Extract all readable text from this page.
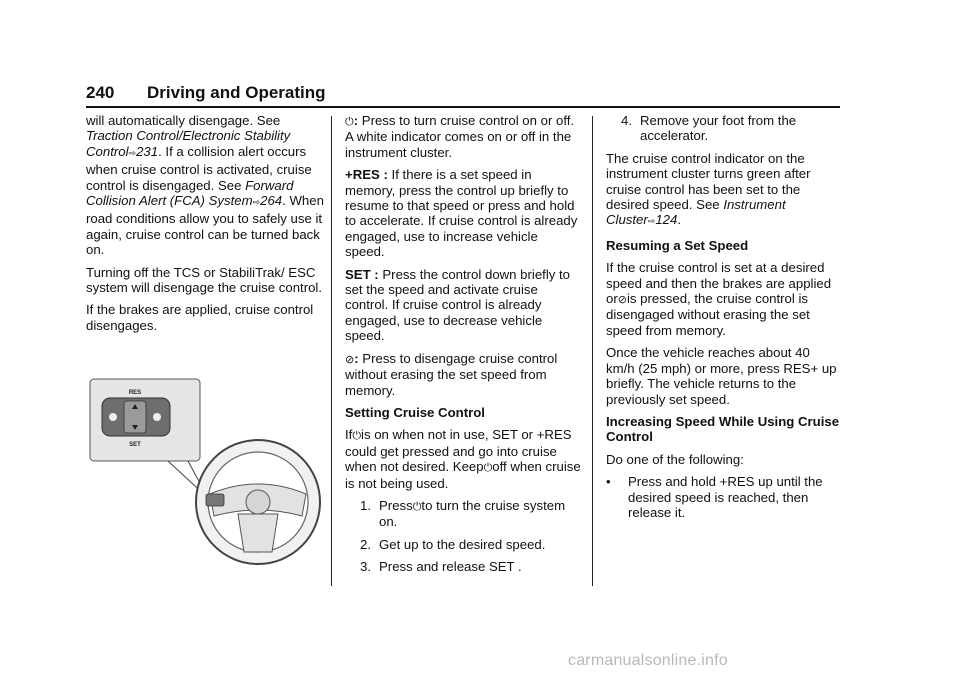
240 Driving and Operating

will automatically disengage. See Traction Control/Electronic Stability Control⇨231. If a collision alert occurs when cruise control is activated, cruise control is disengaged. See Forward Collision Alert (FCA) System⇨264. When road conditions allow you to safely use it again, cruise control can be turned back on.

Turning off the TCS or StabiliTrak/ ESC system will disengage the cruise control.

If the brakes are applied, cruise control disengages.

RES
SET

⏻: Press to turn cruise control on or off. A white indicator comes on or off in the instrument cluster.

+RES : If there is a set speed in memory, press the control up briefly to resume to that speed or press and hold to accelerate. If cruise control is already engaged, use to increase vehicle speed.

SET : Press the control down briefly to set the speed and activate cruise control. If cruise control is already engaged, use to decrease vehicle speed.

⊘: Press to disengage cruise control without erasing the set speed from memory.

Setting Cruise Control

If⏻is on when not in use, SET or +RES could get pressed and go into cruise when not desired. Keep⏻off when cruise is not being used.

1. Press⏻to turn the cruise system on.
2. Get up to the desired speed.
3. Press and release SET .
4. Remove your foot from the accelerator.

The cruise control indicator on the instrument cluster turns green after cruise control has been set to the desired speed. See Instrument Cluster⇨124.

Resuming a Set Speed

If the cruise control is set at a desired speed and then the brakes are applied or⊘is pressed, the cruise control is disengaged without erasing the set speed from memory.

Once the vehicle reaches about 40 km/h (25 mph) or more, press RES+ up briefly. The vehicle returns to the previously set speed.

Increasing Speed While Using Cruise Control

Do one of the following:

•	Press and hold +RES up until the desired speed is reached, then release it.
carmanualsonline.info
